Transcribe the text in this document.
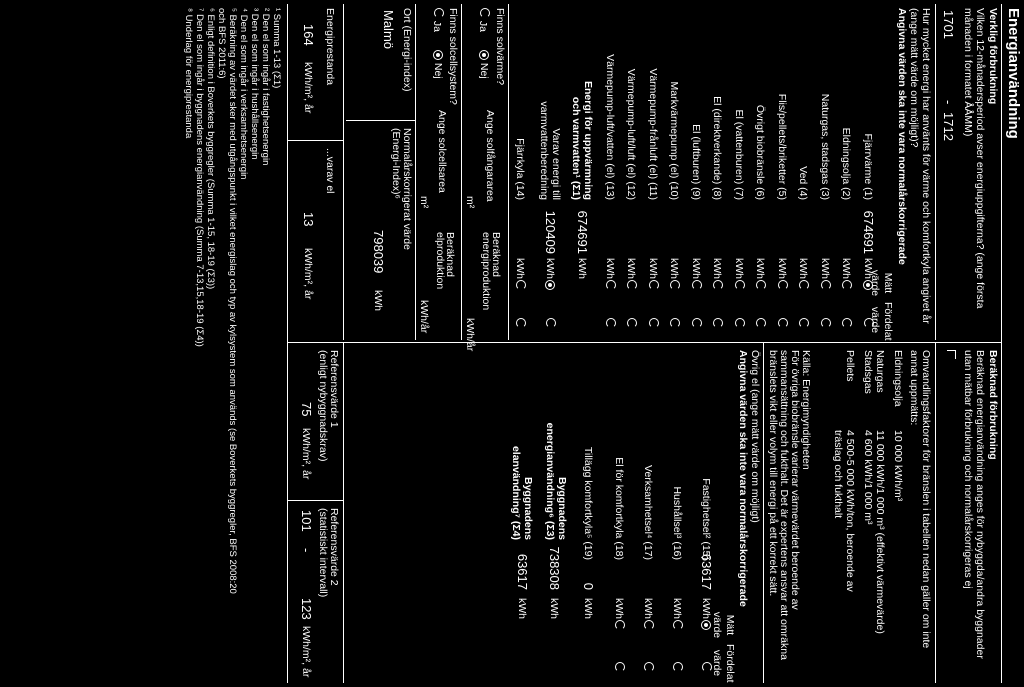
Energianvändning
Verklig förbrukning
Vilken 12-månadersperiod avser energiuppgifterna? (ange första
månaden i formatet ÅÅMM)
1701
-
1712
Hur mycket energi har använts för värme och komfortkyla angivet år
(ange mätt värde om möjligt)?
Angivna värden ska inte vara normalårskorrigerade
Mätt värde
Fördelat värde
Energi för uppvärmning
och varmvatten¹ (Σ1)
674691
kWh
Varav energi till
varmvattenberedning
120409
kWh
Fjärrkyla (14)
kWh
Finns solvärme?
Ja
Nej
Ange solfångararea
m²
Beräknad
energiproduktion
kWh/år
Finns solcellsystem?
Ja
Nej
Ange solcellsarea
m²
Beräknad
elproduktion
kWh/år
Ort (Energi-index)
Malmö
Normalårskorrigerat värde
(Energi-Index)⁶
798039
kWh
Energiprestanda
164
kWh/m², år
...varav el
13
kWh/m², år
Beräknad förbrukning
Beräknad energianvändning anges för nybyggda/andra byggnader
utan mätbar förbrukning och normalårskorrigeras ej
Omvandlingsfaktorer för bränslen i tabellen nedan gäller om inte
annat uppmätts:
Källa: Energimyndigheten
För övriga biobränsle varierar värmevärdet beroende av
sammansättning och fukthalt. Det är expertens ansvar att omräkna
bränslets vikt eller volym till energi på ett korrekt sätt.
Övrig el (ange mätt värde om möjligt)
Angivna värden ska inte vara normalårskorrigerade
Mätt värde
Fördelat värde
Tillägg komfortkyla⁵ (19)
0
kWh
Byggnadens
energianvändning⁶ (Σ3)
738308
kWh
Byggnadens
elanvändning⁷ (Σ4)
63617
kWh
Referensvärde 1
(enligt nybyggnadskrav)
75
kWh/m², år
Referensvärde 2
(statistiskt intervall)
101
-
123
kWh/m², år
Fjärrvärme (1)
674691
kWh
Eldningsolja (2)
kWh
Naturgas, stadsgas (3)
kWh
Ved (4)
kWh
Flis/pellets/briketter (5)
kWh
Övrigt biobränsle (6)
kWh
El (vattenburen) (7)
kWh
El (direktverkande) (8)
kWh
El (luftburen) (9)
kWh
Markvärmepump (el) (10)
kWh
Värmepump-frånluft (el) (11)
kWh
Värmepump-luft/luft (el) (12)
kWh
Värmepump-luft/vatten (el) (13)
kWh
Eldningsolja
10 000 kWh/m³
Naturgas
11 000 kWh/1 000 m³ (effektivt värmevärde)
Stadsgas
4 600 kWh/1 000 m³
Pellets
4 500-5 000 kWh/ton, beroende av
träslag och fukthalt
Fastighetsel² (15)
63617
kWh
Hushållsel³ (16)
kWh
Verksamhetsel⁴ (17)
kWh
El för komfortkyla (18)
kWh
¹ Summa 1-13 (Σ1)
² Den el som ingår i fastighetsenergin
³ Den el som ingår i hushållsenergin
⁴ Den el som ingår i verksamhetsenergin
⁵ Beräkning av värdet sker med utgångspunkt i vilket energislag och typ av kylsystem som används (se Boverkets byggregler, BFS 2008:20
och BFS 2011:6)
⁶ Enligt definition i Boverkets byggregler (Summa 1-15, 18-19 (Σ3))
⁷ Den el som ingår i byggnadens energianvändning (Summa 7-13,15,18-19 (Σ4))
⁸ Underlag för energiprestanda
